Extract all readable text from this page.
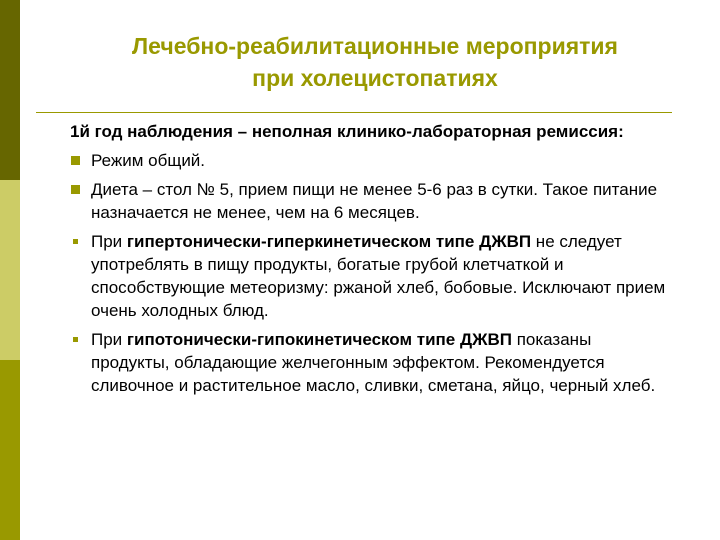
Лечебно-реабилитационные мероприятия
при холецистопатиях
1й год наблюдения – неполная клинико-лабораторная ремиссия:
Режим общий.
Диета – стол № 5, прием пищи не менее 5-6 раз в сутки. Такое питание назначается не менее, чем на 6 месяцев.
При гипертонически-гиперкинетическом типе ДЖВП не следует употреблять в пищу продукты, богатые грубой клетчаткой и способствующие метеоризму: ржаной хлеб, бобовые. Исключают прием очень холодных блюд.
При гипотонически-гипокинетическом типе ДЖВП показаны продукты, обладающие желчегонным эффектом. Рекомендуется сливочное и растительное масло, сливки, сметана, яйцо, черный хлеб.
